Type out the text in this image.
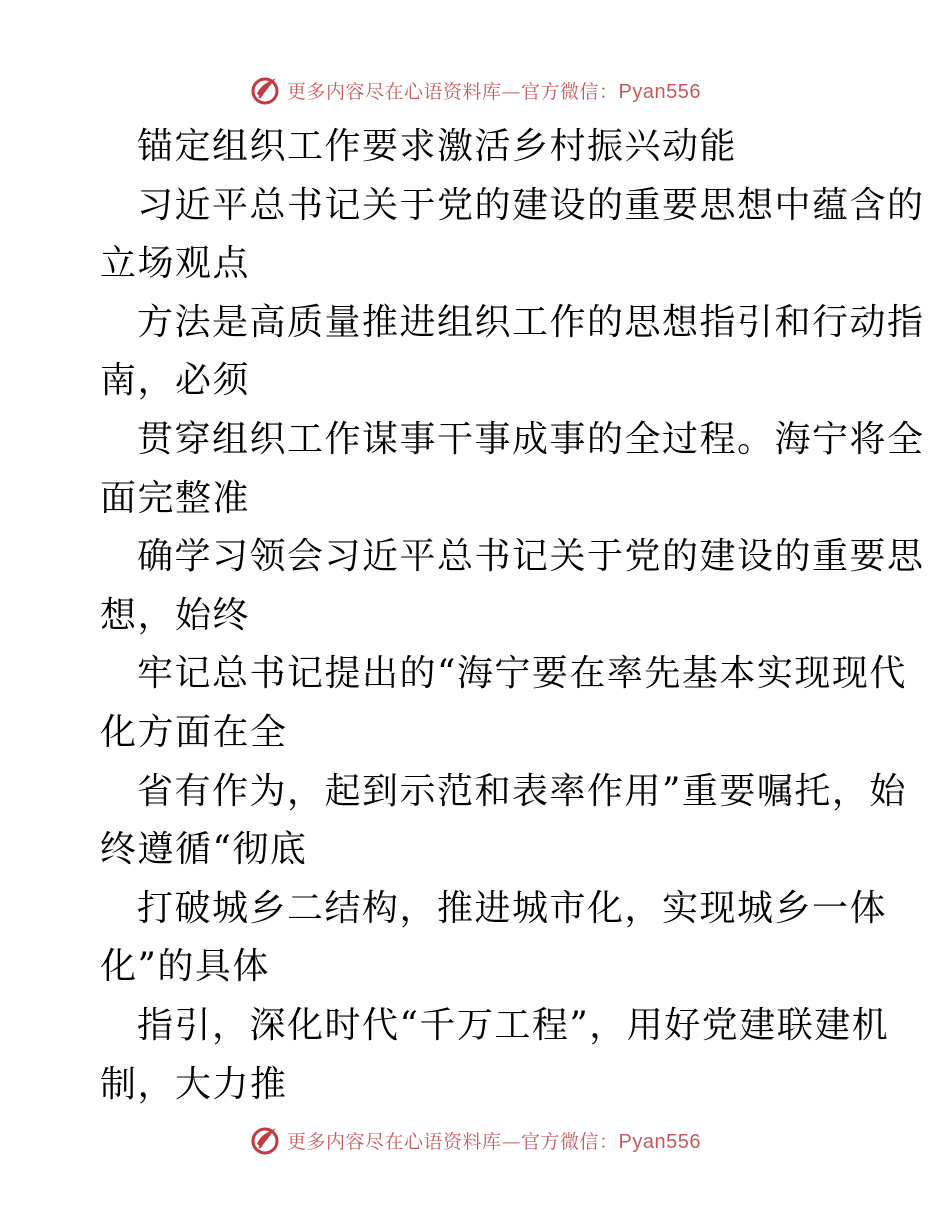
更多内容尽在心语资料库—官方微信：Pyan556
锚定组织工作要求激活乡村振兴动能
习近平总书记关于党的建设的重要思想中蕴含的
立场观点
方法是高质量推进组织工作的思想指引和行动指
南，必须
贯穿组织工作谋事干事成事的全过程。海宁将全
面完整准
确学习领会习近平总书记关于党的建设的重要思
想，始终
牢记总书记提出的“海宁要在率先基本实现现代
化方面在全
省有作为，起到示范和表率作用”重要嘱托，始
终遵循“彻底
打破城乡二结构，推进城市化，实现城乡一体
化”的具体
指引，深化时代“千万工程”，用好党建联建机
制，大力推
更多内容尽在心语资料库—官方微信：Pyan556
